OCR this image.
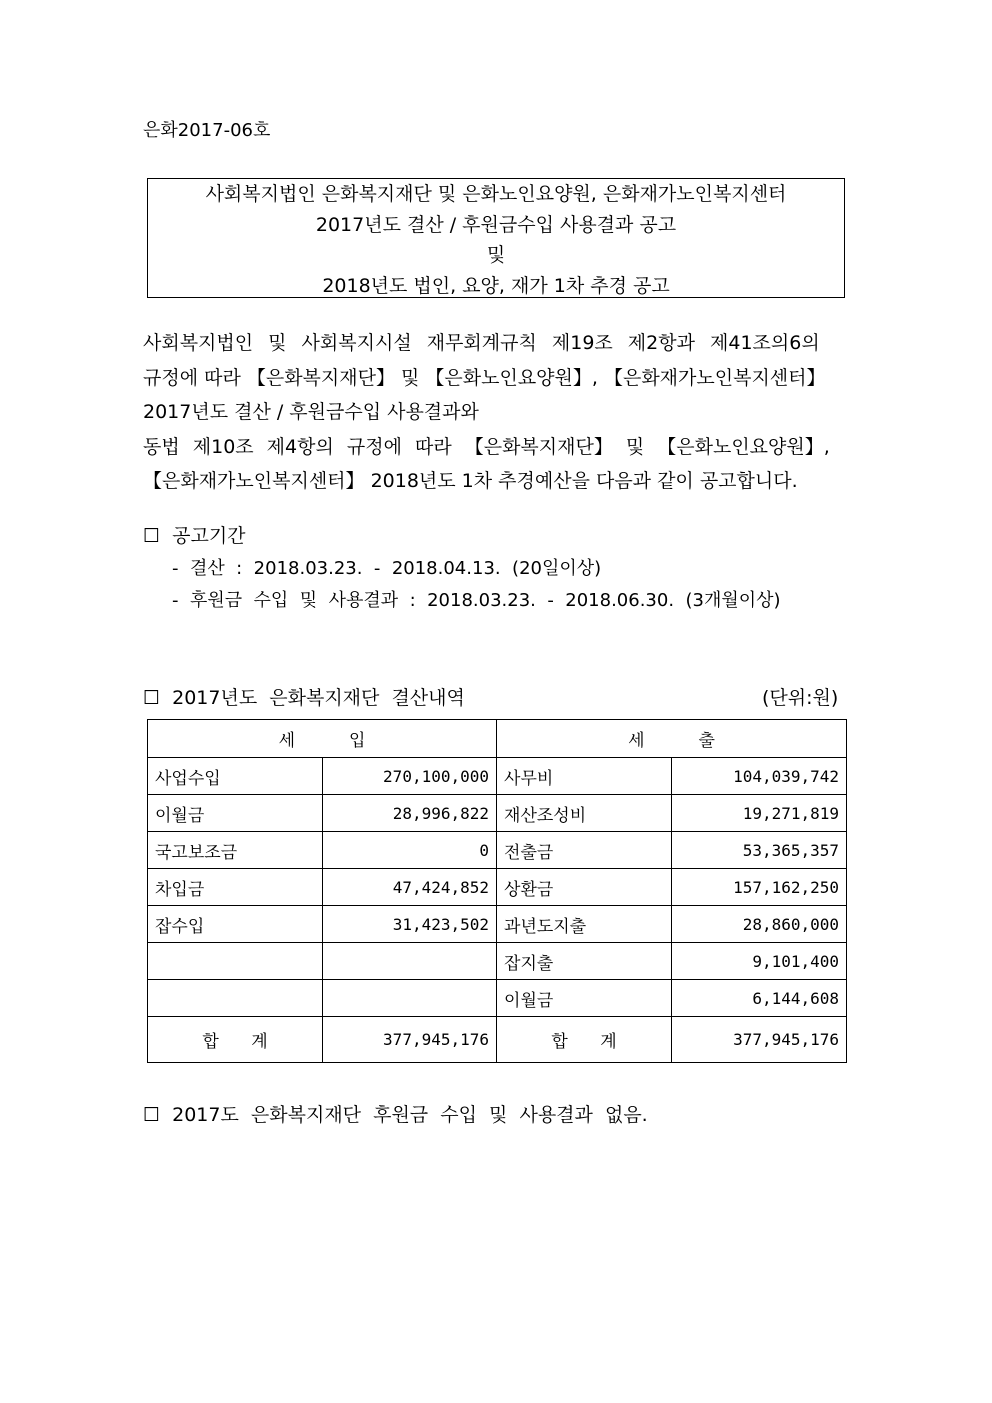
은화2017-06호
사회복지법인 은화복지재단 및 은화노인요양원, 은화재가노인복지센터
2017년도 결산 / 후원금수입 사용결과 공고
및
2018년도 법인, 요양, 재가 1차 추경 공고
사회복지법인 및 사회복지시설 재무회계규칙 제19조 제2항과 제41조의6의
규정에 따라 【은화복지재단】 및 【은화노인요양원】, 【은화재가노인복지센터】
2017년도 결산 / 후원금수입 사용결과와
동법 제10조 제4항의 규정에 따라 【은화복지재단】 및 【은화노인요양원】,
【은화재가노인복지센터】 2018년도 1차 추경예산을 다음과 같이 공고합니다.
☐  공고기간
-  결산  :  2018.03.23.  -  2018.04.13.  (20일이상)
-  후원금  수입  및  사용결과  :  2018.03.23.  -  2018.06.30.  (3개월이상)
☐  2017년도  은화복지재단  결산내역	(단위:원)
세          입		세          출	
사업수입	270,100,000	사무비	104,039,742
이월금	28,996,822	재산조성비	19,271,819
국고보조금	0	전출금	53,365,357
차입금	47,424,852	상환금	157,162,250
잡수입	31,423,502	과년도지출	28,860,000
		잡지출	9,101,400
		이월금	6,144,608
합      계	377,945,176	합      계	377,945,176
☐  2017도  은화복지재단  후원금  수입  및  사용결과  없음.
